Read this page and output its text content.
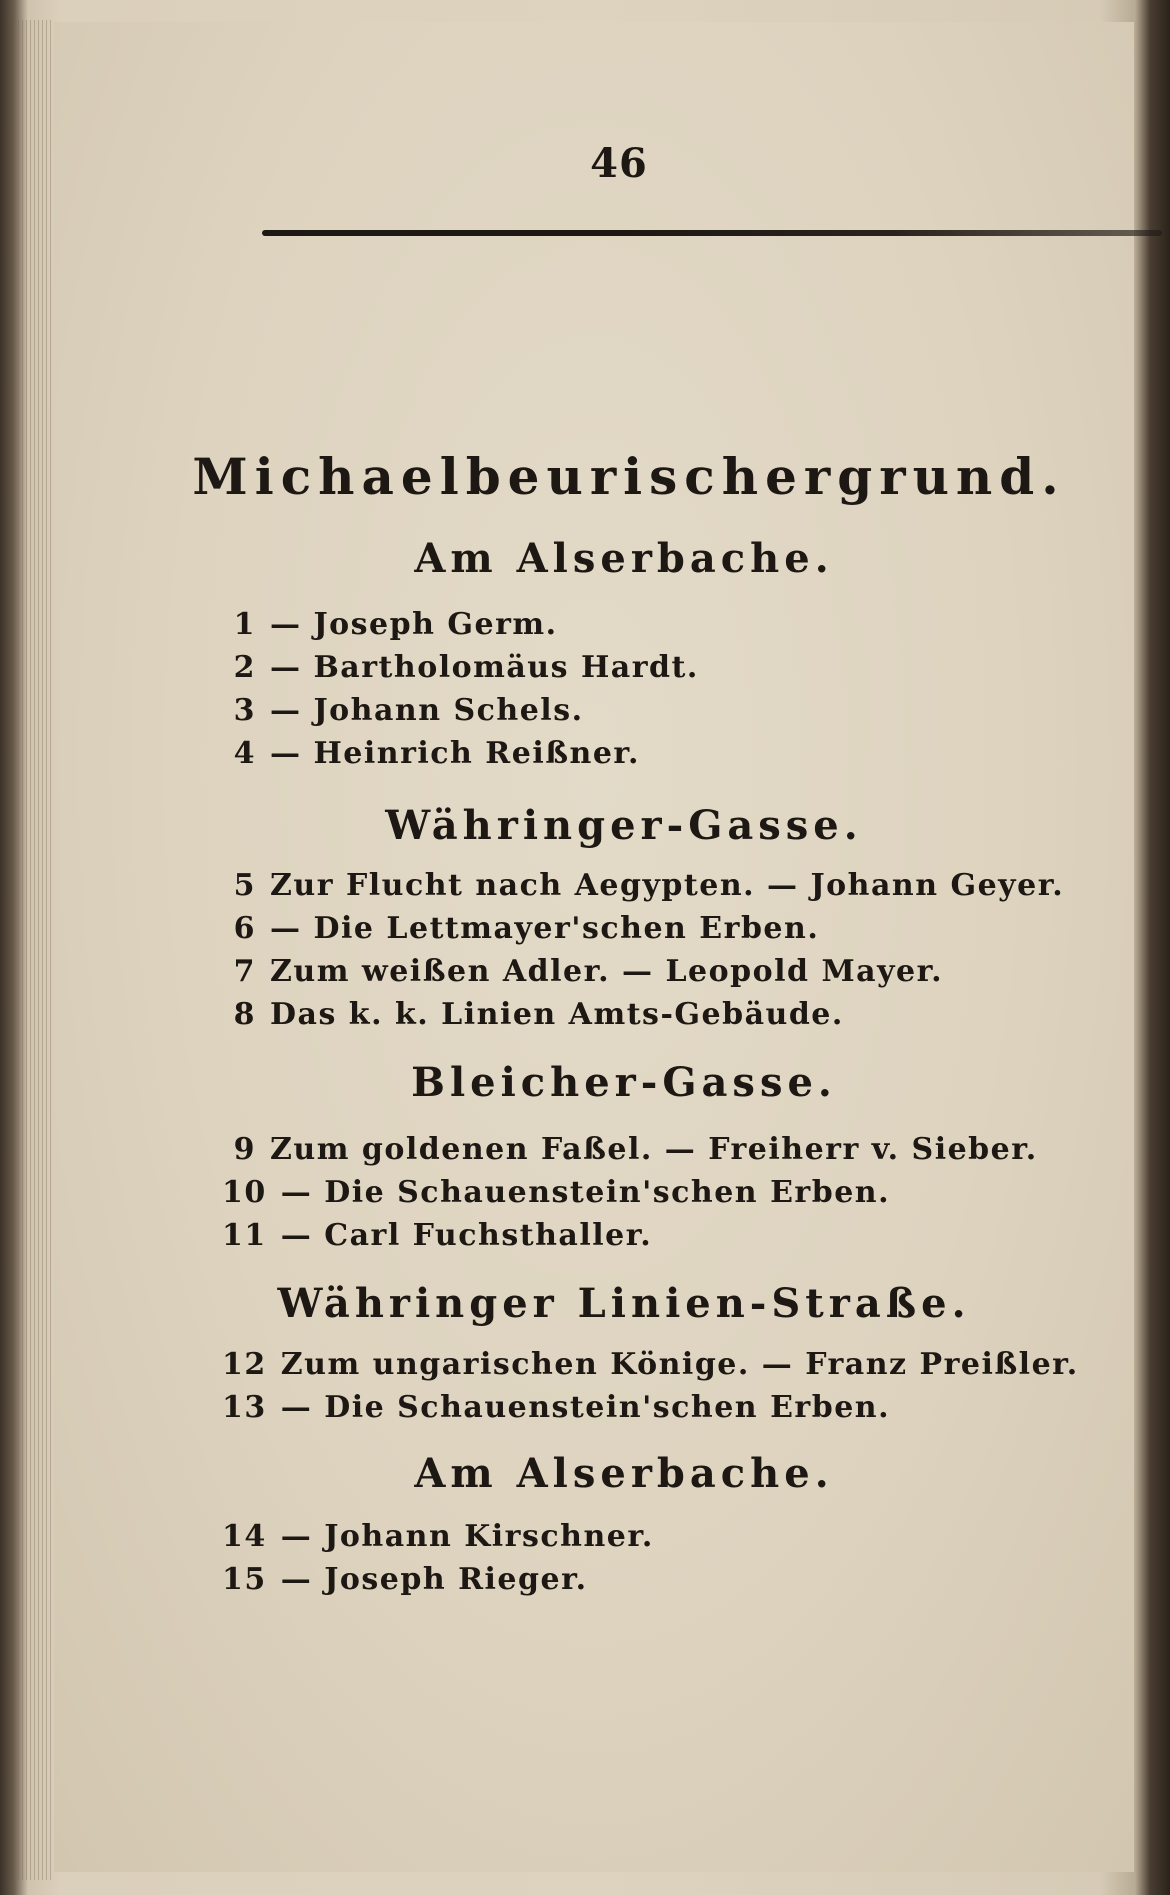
46
Michaelbeurischergrund.
Am Alserbache.
1 — Joseph Germ.
2 — Bartholomäus Hardt.
3 — Johann Schels.
4 — Heinrich Reißner.
Währinger-Gasse.
5 Zur Flucht nach Aegypten. — Johann Geyer.
6 — Die Lettmayer'schen Erben.
7 Zum weißen Adler. — Leopold Mayer.
8 Das k. k. Linien Amts-Gebäude.
Bleicher-Gasse.
9 Zum goldenen Faßel. — Freiherr v. Sieber.
10 — Die Schauenstein'schen Erben.
11 — Carl Fuchsthaller.
Währinger Linien-Straße.
12 Zum ungarischen Könige. — Franz Preißler.
13 — Die Schauenstein'schen Erben.
Am Alserbache.
14 — Johann Kirschner.
15 — Joseph Rieger.
